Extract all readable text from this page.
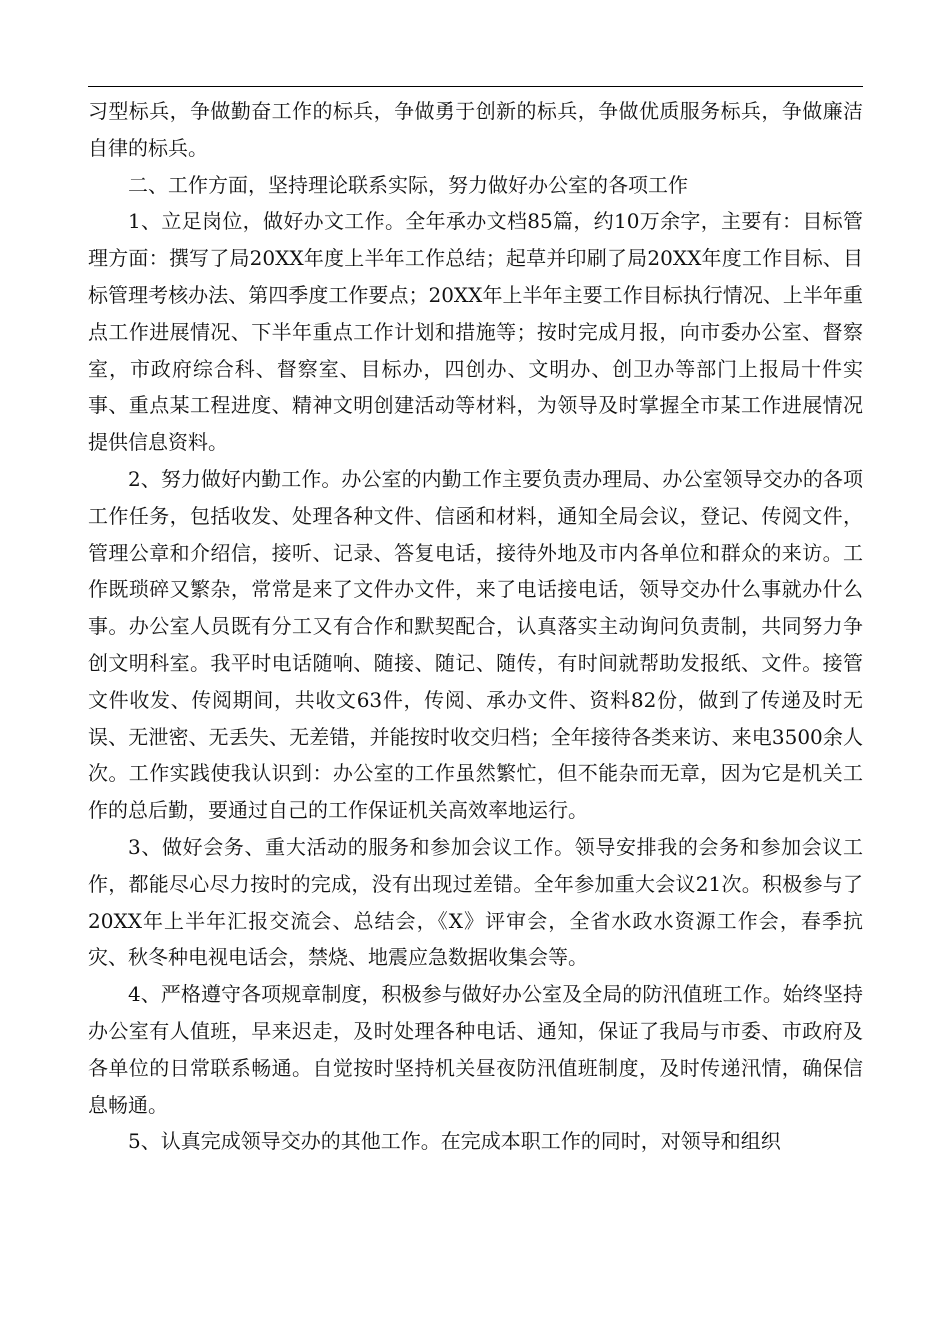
习型标兵，争做勤奋工作的标兵，争做勇于创新的标兵，争做优质服务标兵，争做廉洁自律的标兵。

二、工作方面，坚持理论联系实际，努力做好办公室的各项工作

1、立足岗位，做好办文工作。全年承办文档85篇，约10万余字，主要有：目标管理方面：撰写了局20XX年度上半年工作总结；起草并印刷了局20XX年度工作目标、目标管理考核办法、第四季度工作要点；20XX年上半年主要工作目标执行情况、上半年重点工作进展情况、下半年重点工作计划和措施等；按时完成月报，向市委办公室、督察室，市政府综合科、督察室、目标办，四创办、文明办、创卫办等部门上报局十件实事、重点某工程进度、精神文明创建活动等材料，为领导及时掌握全市某工作进展情况提供信息资料。

2、努力做好内勤工作。办公室的内勤工作主要负责办理局、办公室领导交办的各项工作任务，包括收发、处理各种文件、信函和材料，通知全局会议，登记、传阅文件，管理公章和介绍信，接听、记录、答复电话，接待外地及市内各单位和群众的来访。工作既琐碎又繁杂，常常是来了文件办文件，来了电话接电话，领导交办什么事就办什么事。办公室人员既有分工又有合作和默契配合，认真落实主动询问负责制，共同努力争创文明科室。我平时电话随响、随接、随记、随传，有时间就帮助发报纸、文件。接管文件收发、传阅期间，共收文63件，传阅、承办文件、资料82份，做到了传递及时无误、无泄密、无丢失、无差错，并能按时收交归档；全年接待各类来访、来电3500余人次。工作实践使我认识到：办公室的工作虽然繁忙，但不能杂而无章，因为它是机关工作的总后勤，要通过自己的工作保证机关高效率地运行。

3、做好会务、重大活动的服务和参加会议工作。领导安排我的会务和参加会议工作，都能尽心尽力按时的完成，没有出现过差错。全年参加重大会议21次。积极参与了20XX年上半年汇报交流会、总结会，《X》评审会，全省水政水资源工作会，春季抗灾、秋冬种电视电话会，禁烧、地震应急数据收集会等。

4、严格遵守各项规章制度，积极参与做好办公室及全局的防汛值班工作。始终坚持办公室有人值班，早来迟走，及时处理各种电话、通知，保证了我局与市委、市政府及各单位的日常联系畅通。自觉按时坚持机关昼夜防汛值班制度，及时传递汛情，确保信息畅通。

5、认真完成领导交办的其他工作。在完成本职工作的同时，对领导和组织
